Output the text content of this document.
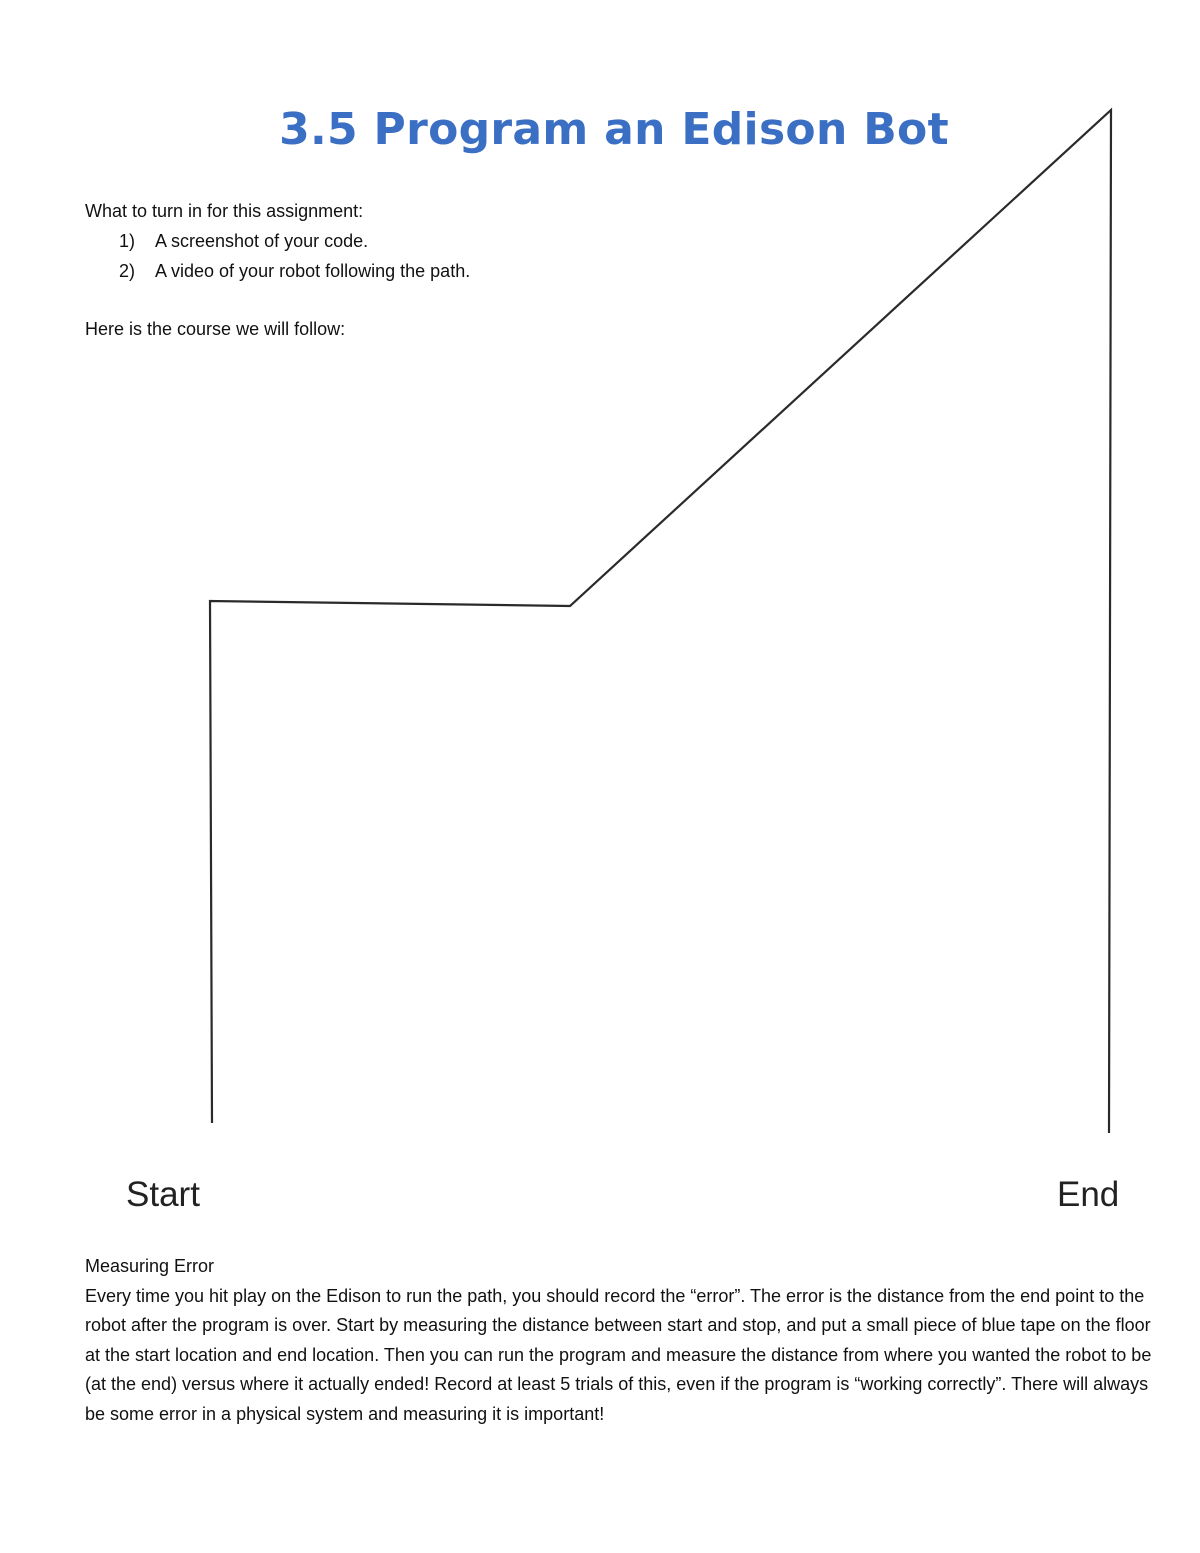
3.5 Program an Edison Bot

What to turn in for this assignment:

1)	A screenshot of your code.
2)	A video of your robot following the path.

Here is the course we will follow:

Start	End

Measuring Error

Every time you hit play on the Edison to run the path, you should record the “error”. The error is the distance from the end point to the robot after the program is over. Start by measuring the distance between start and stop, and put a small piece of blue tape on the floor at the start location and end location. Then you can run the program and measure the distance from where you wanted the robot to be (at the end) versus where it actually ended! Record at least 5 trials of this, even if the program is “working correctly”. There will always be some error in a physical system and measuring it is important!
